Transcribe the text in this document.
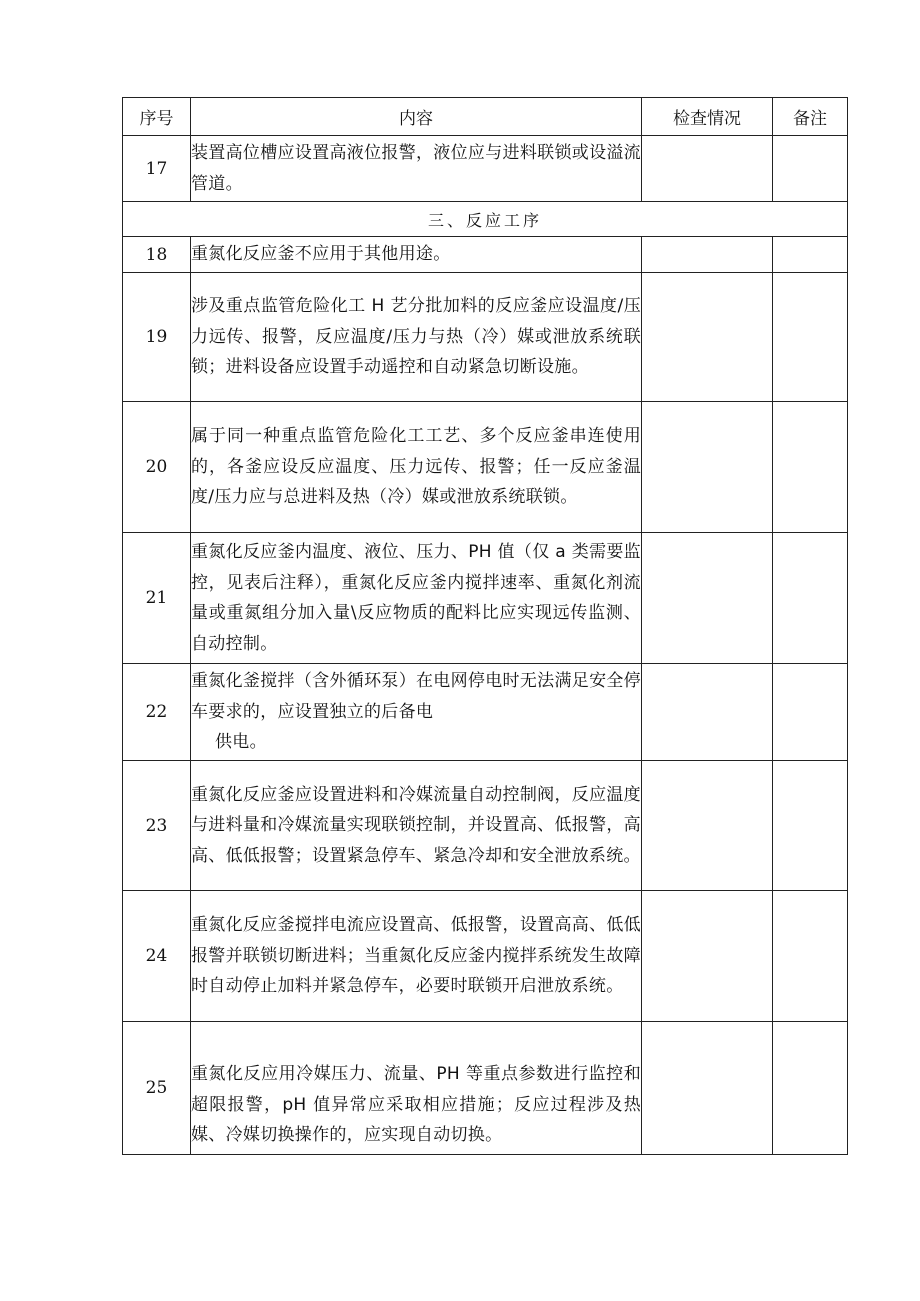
序号	内容	检查情况	备注
17	装置高位槽应设置高液位报警，液位应与进料联锁或设溢流管道。		
三、反应工序			
18	重氮化反应釜不应用于其他用途。		
19	涉及重点监管危险化工 H 艺分批加料的反应釜应设温度/压力远传、报警，反应温度/压力与热（冷）媒或泄放系统联锁；进料设备应设置手动遥控和自动紧急切断设施。		
20	属于同一种重点监管危险化工工艺、多个反应釜串连使用的，各釜应设反应温度、压力远传、报警；任一反应釜温度/压力应与总进料及热（冷）媒或泄放系统联锁。		
21	重氮化反应釜内温度、液位、压力、PH 值（仅 a 类需要监控，见表后注释），重氮化反应釜内搅拌速率、重氮化剂流量或重氮组分加入量\反应物质的配料比应实现远传监测、自动控制。		
22	重氮化釜搅拌（含外循环泵）在电网停电时无法满足安全停车要求的，应设置独立的后备电
供电。		

23	重氮化反应釜应设置进料和冷媒流量自动控制阀，反应温度与进料量和冷媒流量实现联锁控制，并设置高、低报警，高高、低低报警；设置紧急停车、紧急冷却和安全泄放系统。		
24	重氮化反应釜搅拌电流应设置高、低报警，设置高高、低低报警并联锁切断进料；当重氮化反应釜内搅拌系统发生故障时自动停止加料并紧急停车，必要时联锁开启泄放系统。		
25	重氮化反应用冷媒压力、流量、PH 等重点参数进行监控和超限报警，pH 值异常应采取相应措施；反应过程涉及热媒、冷媒切换操作的，应实现自动切换。		
